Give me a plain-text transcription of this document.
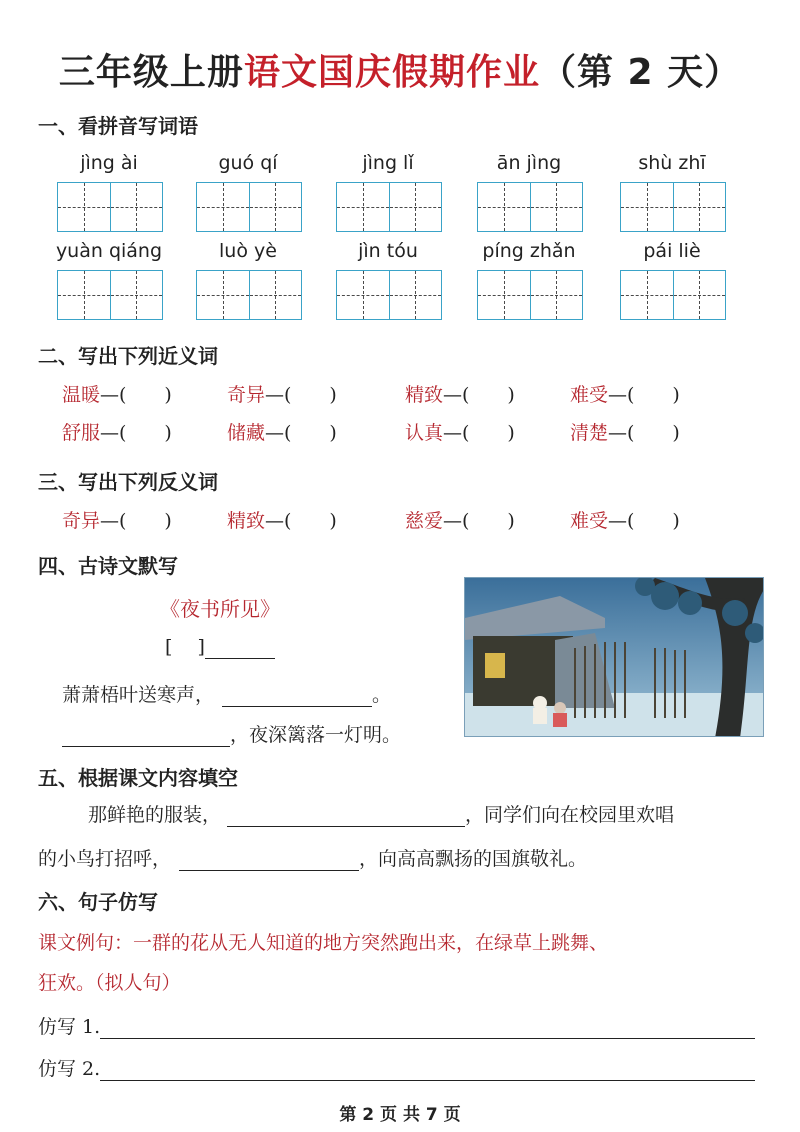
三年级上册语文国庆假期作业（第 2 天）
一、看拼音写词语
jìng ài	guó qí	jìng lǐ	ān jìng	shù zhī
yuàn qiáng	luò yè	jìn tóu	píng zhǎn	pái liè
二、写出下列近义词
温暖—(　　)	奇异—(　　)	精致—(　　)	难受—(　　)
舒服—(　　)	储藏—(　　)	认真—(　　)	清楚—(　　)
三、写出下列反义词
奇异—(　　)	精致—(　　)	慈爱—(　　)	难受—(　　)
四、古诗文默写
《夜书所见》
[　 ]
萧萧梧叶送寒声，	。
，夜深篱落一灯明。
五、根据课文内容填空
那鲜艳的服装，	，同学们向在校园里欢唱
的小鸟打招呼，	，向高高飘扬的国旗敬礼。
六、句子仿写
课文例句：一群的花从无人知道的地方突然跑出来，在绿草上跳舞、
狂欢。（拟人句）
仿写 1.
仿写 2.
第 2 页 共 7 页
